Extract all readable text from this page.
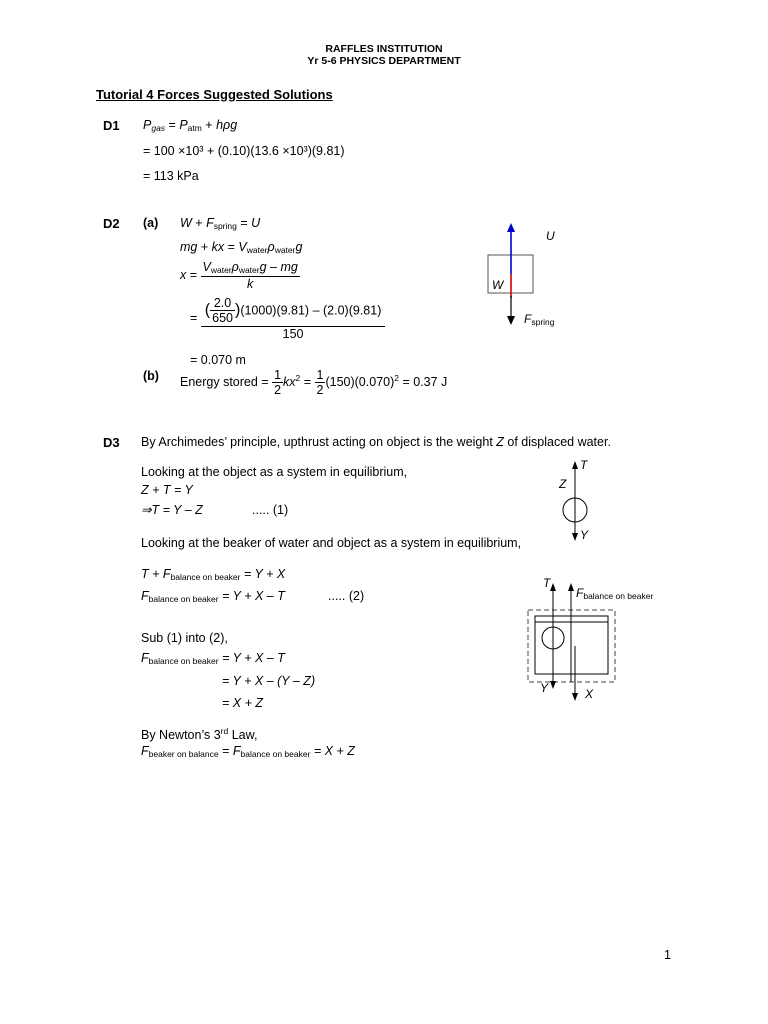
RAFFLES INSTITUTION
Yr 5-6 PHYSICS DEPARTMENT
Tutorial 4 Forces Suggested Solutions
D1 $P_{gas} = P_{atm} + h\rho g$
= 100 ×10³ + (0.10)(13.6 ×10³)(9.81)
= 113 kPa
D2 (a) $W + F_{spring} = U$
mg + kx = $V_{water}\rho_{water}g$
$x = \frac{V_{water}\rho_{water}g - mg}{k}$
= $\frac{( \frac{2.0}{650} )(1000)(9.81) - (2.0)(9.81)}{150}$
= 0.070 m
(b) Energy stored = $\frac{1}{2} kx^2 = \frac{1}{2} (150)(0.070)^2 = 0.37$ J
U
W
$F_{spring}$
D3 By Archimedes’ principle, upthrust acting on object is the weight Z of displaced water.
Looking at the object as a system in equilibrium,
Z + T = Y
⇒T = Y – Z	..... (1)
Looking at the beaker of water and object as a system in equilibrium,
$T + F_{balance on beaker} = Y + X$
$F_{balance on beaker} = Y + X - T$	..... (2)
Sub (1) into (2),
$F_{balance on beaker} = Y + X - T$
= Y + X – (Y – Z)
= X + Z
By Newton’s 3rd Law,
$F_{beaker on balance} = F_{balance on beaker} = X + Z$
T
Z
Y
T
$F_{balance on beaker}$
Y	X
1
